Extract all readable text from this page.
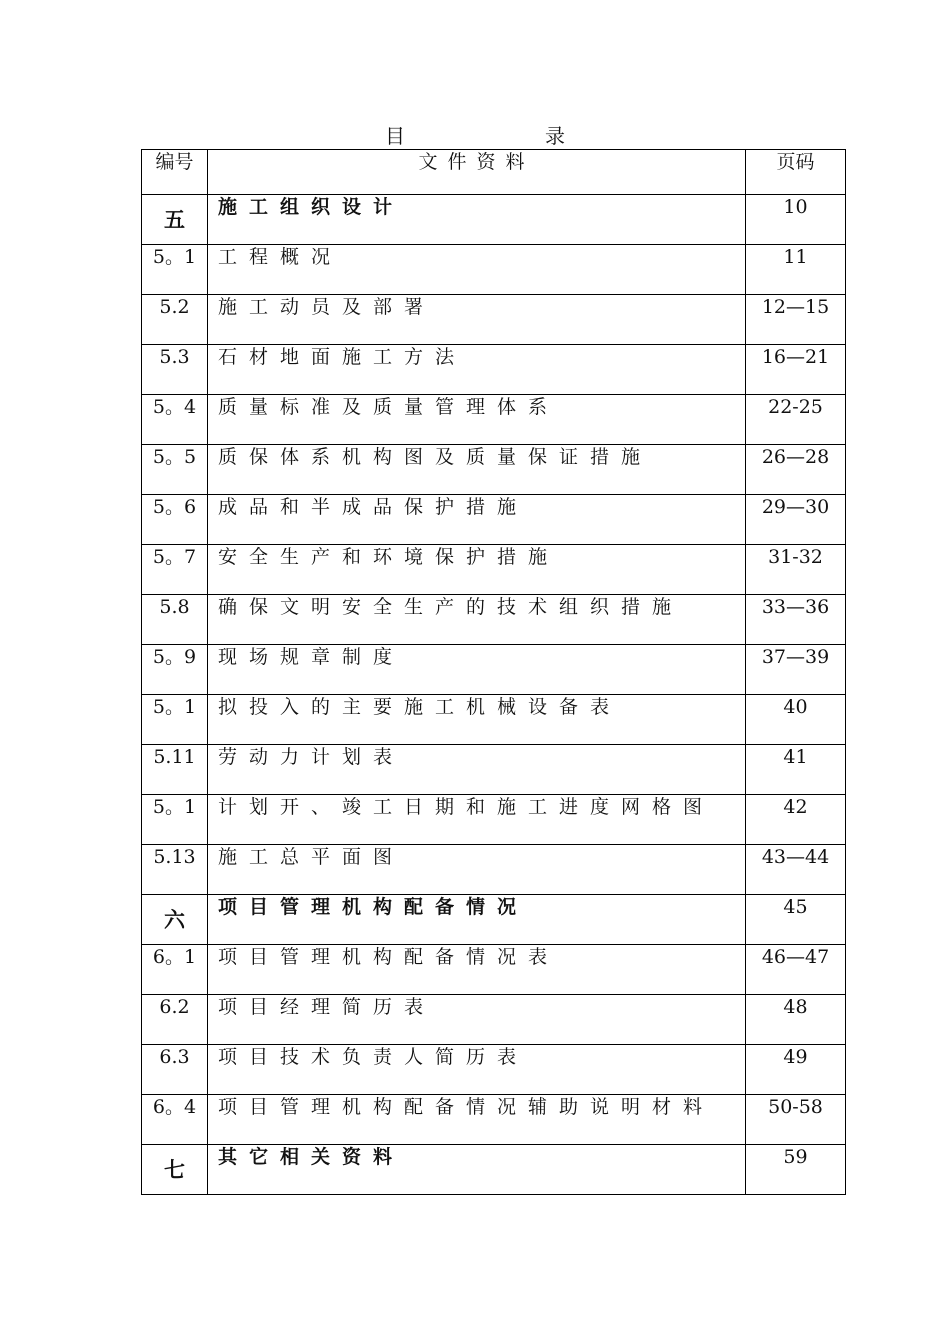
目　录
编号	文件资料	页码
五	施工组织设计	10
5。1	工程概况	11
5.2	施工动员及部署	12—15
5.3	石材地面施工方法	16—21
5。4	质量标准及质量管理体系	22-25
5。5	质保体系机构图及质量保证措施	26—28
5。6	成品和半成品保护措施	29—30
5。7	安全生产和环境保护措施	31-32
5.8	确保文明安全生产的技术组织措施	33—36
5。9	现场规章制度	37—39
5。1	拟投入的主要施工机械设备表	40
5.11	劳动力计划表	41
5。1	计划开、竣工日期和施工进度网格图	42
5.13	施工总平面图	43—44
六	项目管理机构配备情况	45
6。1	项目管理机构配备情况表	46—47
6.2	项目经理简历表	48
6.3	项目技术负责人简历表	49
6。4	项目管理机构配备情况辅助说明材料	50-58
七	其它相关资料	59
